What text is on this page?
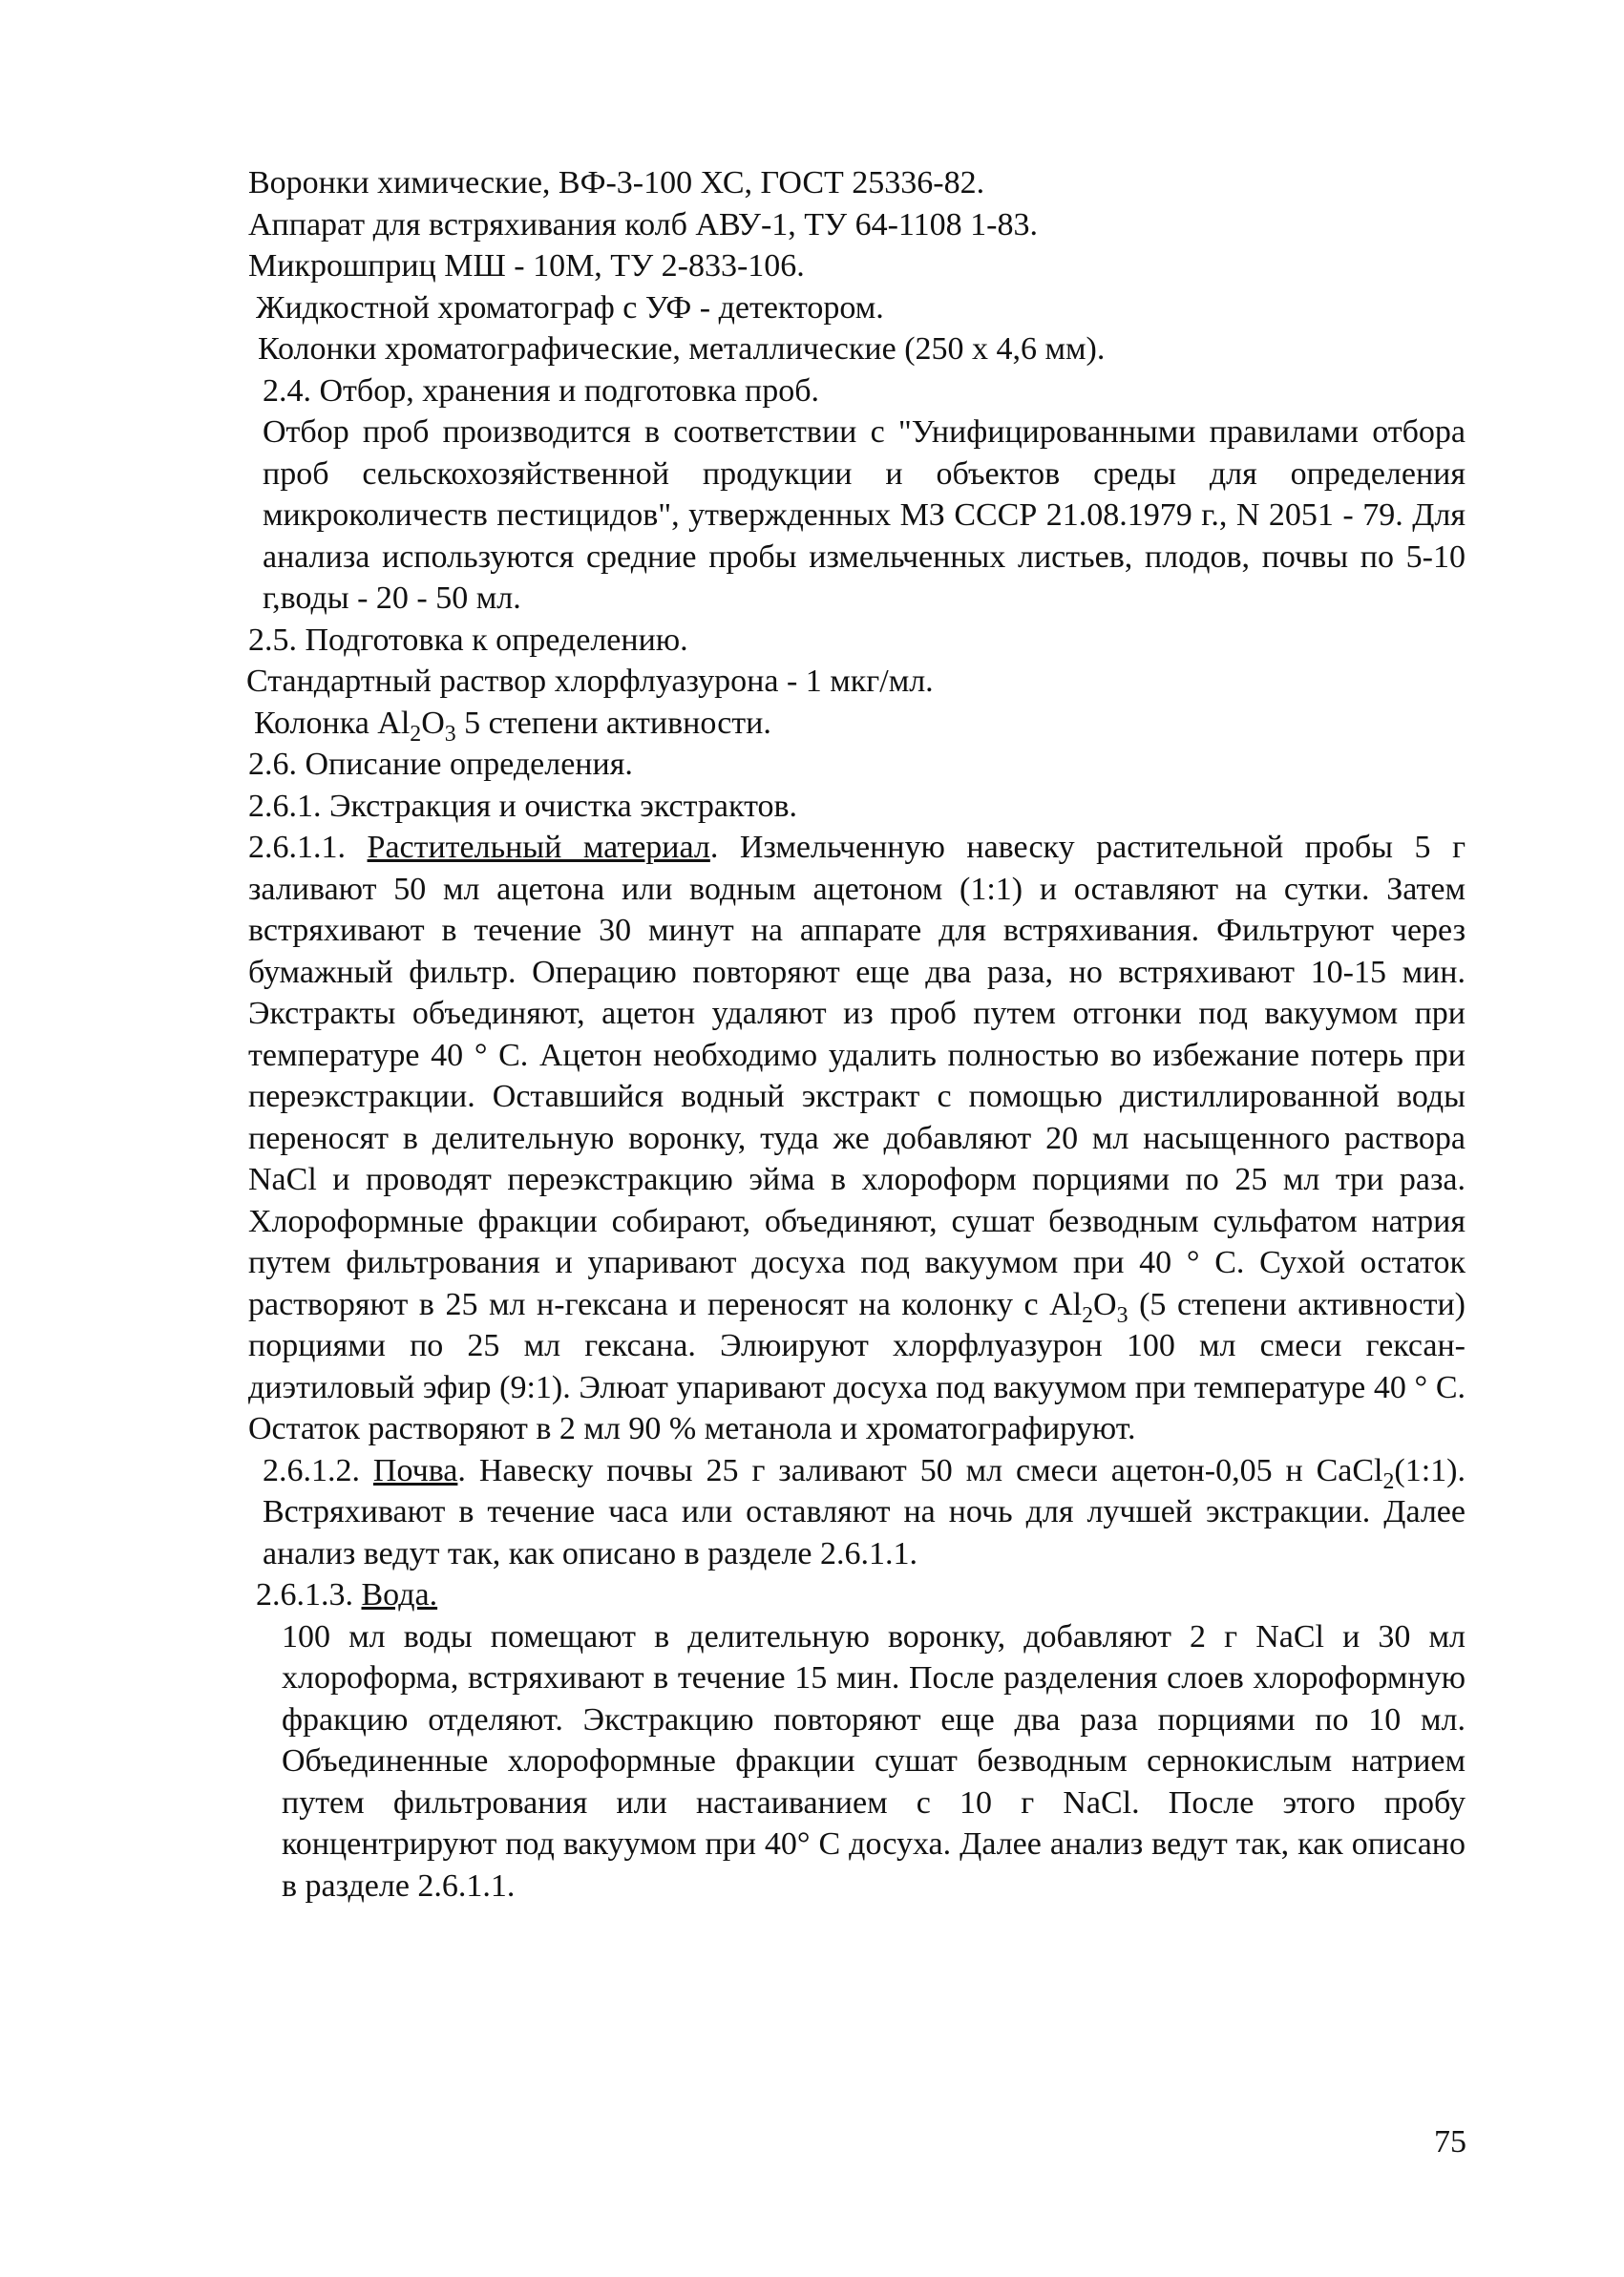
Воронки химические, ВФ-3-100 ХС, ГОСТ 25336-82.
Аппарат для встряхивания колб АВУ-1, ТУ 64-1108 1-83.
Микрошприц МШ - 10М, ТУ 2-833-106.
Жидкостной хроматограф с УФ - детектором.
Колонки хроматографические, металлические (250 х 4,6 мм).
2.4. Отбор, хранения и подготовка проб.

Отбор проб производится в соответствии с "Унифицированными правилами отбора проб сельскохозяйственной продукции и объектов среды для определения микроколичеств пестицидов", утвержденных МЗ СССР 21.08.1979 г., N 2051 - 79. Для анализа используются средние пробы измельченных листьев, плодов, почвы по 5-10 г,воды - 20 - 50 мл.

2.5. Подготовка к определению.
Стандартный раствор хлорфлуазурона - 1 мкг/мл.
Колонка $Al_2O_3$ 5 степени активности.
2.6. Описание определения.
2.6.1. Экстракция и очистка экстрактов.

2.6.1.1. Растительный материал. Измельченную навеску растительной пробы 5 г заливают 50 мл ацетона или водным ацетоном (1:1) и оставляют на сутки. Затем встряхивают в течение 30 минут на аппарате для встряхивания. Фильтруют через бумажный фильтр. Операцию повторяют еще два раза, но встряхивают 10-15 мин. Экстракты объединяют, ацетон удаляют из проб путем отгонки под вакуумом при температуре 40 ° С. Ацетон необходимо удалить полностью во избежание потерь при переэкстракции. Оставшийся водный экстракт с помощью дистиллированной воды переносят в делительную воронку, туда же добавляют 20 мл насыщенного раствора NaCl и проводят переэкстракцию эйма в хлороформ порциями по 25 мл три раза. Хлороформные фракции собирают, объединяют, сушат безводным сульфатом натрия путем фильтрования и упаривают досуха под вакуумом при 40 ° С. Сухой остаток растворяют в 25 мл н-гексана и переносят на колонку с $Al_2O_3$ (5 степени активности) порциями по 25 мл гексана. Элюируют хлорфлуазурон 100 мл смеси гексан-диэтиловый эфир (9:1). Элюат упаривают досуха под вакуумом при температуре 40 ° С. Остаток растворяют в 2 мл 90 % метанола и хроматографируют.

2.6.1.2. Почва. Навеску почвы 25 г заливают 50 мл смеси ацетон-0,05 н CaCl$_2$(1:1). Встряхивают в течение часа или оставляют на ночь для лучшей экстракции. Далее анализ ведут так, как описано в разделе 2.6.1.1.

2.6.1.3. Вода.

100 мл воды помещают в делительную воронку, добавляют 2 г NaCl и 30 мл хлороформа, встряхивают в течение 15 мин. После разделения слоев хлороформную фракцию отделяют. Экстракцию повторяют еще два раза порциями по 10 мл. Объединенные хлороформные фракции сушат безводным сернокислым натрием путем фильтрования или настаиванием с 10 г NaCl. После этого пробу концентрируют под вакуумом при 40° С досуха. Далее анализ ведут так, как описано в разделе 2.6.1.1.

75
